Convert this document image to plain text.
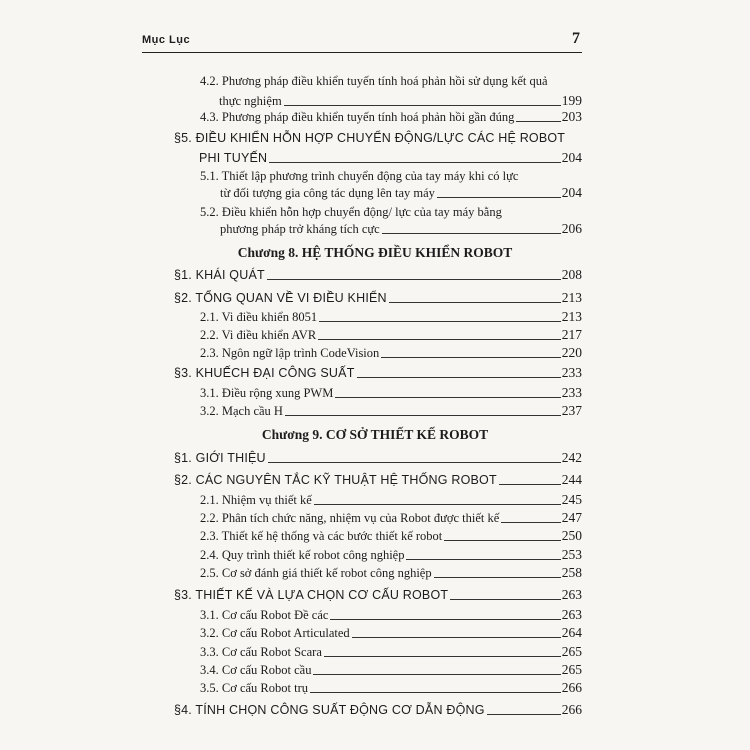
Mục Lục	7
4.2. Phương pháp điều khiển tuyến tính hoá phản hồi sử dụng kết quả
thực nghiệm	199
4.3. Phương pháp điều khiển tuyến tính hoá phản hồi gần đúng	203
§5. ĐIỀU KHIỂN HỖN HỢP CHUYỂN ĐỘNG/LỰC CÁC HỆ ROBOT
PHI TUYẾN	204
5.1. Thiết lập phương trình chuyển động của tay máy khi có lực
từ đối tượng gia công tác dụng lên tay máy	204
5.2. Điều khiển hỗn hợp chuyển động/ lực của tay máy bằng
phương pháp trở kháng tích cực	206
Chương 8. HỆ THỐNG ĐIỀU KHIỂN ROBOT
§1. KHÁI QUÁT	208
§2. TỔNG QUAN VỀ VI ĐIỀU KHIỂN	213
2.1. Vi điều khiển 8051	213
2.2. Vi điều khiển AVR	217
2.3. Ngôn ngữ lập trình CodeVision	220
§3. KHUẾCH ĐẠI CÔNG SUẤT	233
3.1. Điều rộng xung PWM	233
3.2. Mạch cầu H	237
Chương 9. CƠ SỞ THIẾT KẾ ROBOT
§1. GIỚI THIỆU	242
§2. CÁC NGUYÊN TẮC KỸ THUẬT HỆ THỐNG ROBOT	244
2.1. Nhiệm vụ thiết kế	245
2.2. Phân tích chức năng, nhiệm vụ của Robot được thiết kế	247
2.3. Thiết kế hệ thống và các bước thiết kế robot	250
2.4. Quy trình thiết kế robot công nghiệp	253
2.5. Cơ sở đánh giá thiết kế robot công nghiệp	258
§3. THIẾT KẾ VÀ LỰA CHỌN CƠ CẤU ROBOT	263
3.1. Cơ cấu Robot Đề các	263
3.2. Cơ cấu Robot Articulated	264
3.3. Cơ cấu Robot Scara	265
3.4. Cơ cấu Robot cầu	265
3.5. Cơ cấu Robot trụ	266
§4. TÍNH CHỌN CÔNG SUẤT ĐỘNG CƠ DẪN ĐỘNG	266
